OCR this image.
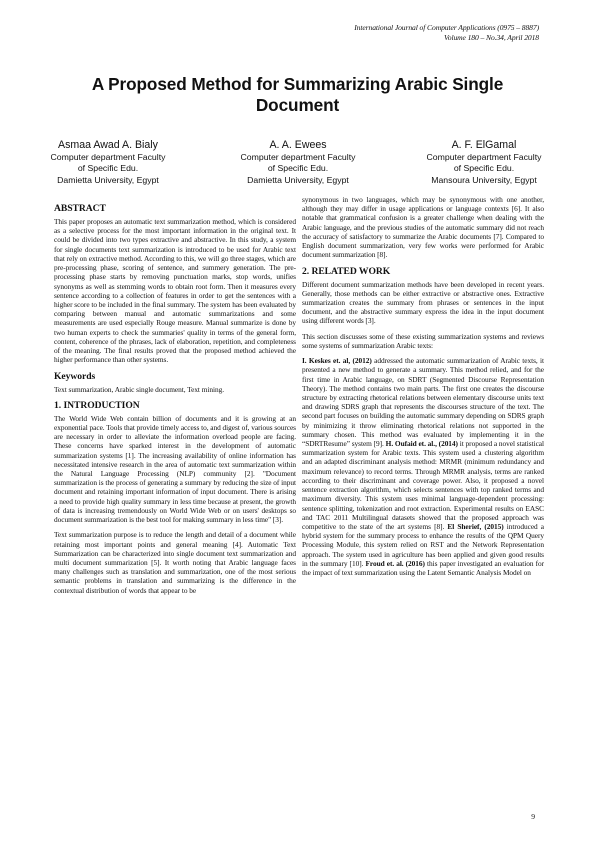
International Journal of Computer Applications (0975 – 8887)
Volume 180 – No.34, April 2018
A Proposed Method for Summarizing Arabic Single
Document
Asmaa Awad A. Bialy
Computer department Faculty
of Specific Edu.
Damietta University, Egypt
A. A. Ewees
Computer department Faculty
of Specific Edu.
Damietta University, Egypt
A. F. ElGamal
Computer department Faculty
of Specific Edu.
Mansoura University, Egypt
ABSTRACT

This paper proposes an automatic text summarization method, which is considered as a selective process for the most important information in the original text. It could be divided into two types extractive and abstractive. In this study, a system for single documents text summarization is introduced to be used for Arabic text that rely on extractive method. According to this, we will go three stages, which are pre-processing phase, scoring of sentence, and summery generation. The pre-processing phase starts by removing punctuation marks, stop words, unifies synonyms as well as stemming words to obtain root form. Then it measures every sentence according to a collection of features in order to get the sentences with a higher score to be included in the final summary. The system has been evaluated by comparing between manual and automatic summarizations and some measurements are used especially Rouge measure. Manual summarize is done by two human experts to check the summaries' quality in terms of the general form, content, coherence of the phrases, lack of elaboration, repetition, and completeness of the meaning. The final results proved that the proposed method achieved the higher performance than other systems.

Keywords

Text summarization, Arabic single document, Text mining.

1. INTRODUCTION

The World Wide Web contain billion of documents and it is growing at an exponential pace. Tools that provide timely access to, and digest of, various sources are necessary in order to alleviate the information overload people are facing. These concerns have sparked interest in the development of automatic summarization systems [1]. The increasing availability of online information has necessitated intensive research in the area of automatic text summarization within the Natural Language Processing (NLP) community [2]. "Document summarization is the process of generating a summary by reducing the size of input document and retaining important information of input document. There is arising a need to provide high quality summary in less time because at present, the growth of data is increasing tremendously on World Wide Web or on users' desktops so document summarization is the best tool for making summary in less time" [3].

Text summarization purpose is to reduce the length and detail of a document while retaining most important points and general meaning [4]. Automatic Text Summarization can be characterized into single document text summarization and multi document summarization [5]. It worth noting that Arabic language faces many challenges such as translation and summarization, one of the most serious semantic problems in translation and summarizing is the difference in the contextual distribution of words that appear to be

synonymous in two languages, which may be synonymous with one another, although they may differ in usage applications or language contexts [6]. It also notable that grammatical confusion is a greater challenge when dealing with the Arabic language, and the previous studies of the automatic summary did not reach the accuracy of satisfactory to summarize the Arabic documents [7]. Compared to English document summarization, very few works were performed for Arabic document summarization [8].

2. RELATED WORK

Different document summarization methods have been developed in recent years. Generally, those methods can be either extractive or abstractive ones. Extractive summarization creates the summary from phrases or sentences in the input document, and the abstractive summary express the idea in the input document using different words [3].

This section discusses some of these existing summarization systems and reviews some systems of summarization Arabic texts:

I. Keskes et. al, (2012) addressed the automatic summarization of Arabic texts, it presented a new method to generate a summary. This method relied, and for the first time in Arabic language, on SDRT (Segmented Discourse Representation Theory). The method contains two main parts. The first one creates the discourse structure by extracting rhetorical relations between elementary discourse units text and drawing SDRS graph that represents the discourses structure of the text. The second part focuses on building the automatic summary depending on SDRS graph by minimizing it throw eliminating rhetorical relations not supported in the summary chosen. This method was evaluated by implementing it in the “SDRTResume” system [9]. H. Oufaid et. al., (2014) it proposed a novel statistical summarization system for Arabic texts. This system used a clustering algorithm and an adapted discriminant analysis method: MRMR (minimum redundancy and maximum relevance) to record terms. Through MRMR analysis, terms are ranked according to their discriminant and coverage power. Also, it proposed a novel sentence extraction algorithm, which selects sentences with top ranked terms and maximum diversity. This system uses minimal language-dependent processing: sentence splitting, tokenization and root extraction. Experimental results on EASC and TAC 2011 Multilingual datasets showed that the proposed approach was competitive to the state of the art systems [8]. El Sherief, (2015) introduced a hybrid system for the summary process to enhance the results of the QPM Query Processing Module, this system relied on RST and the Network Representation approach. The system used in agriculture has been applied and given good results in the summary [10]. Froud et. al. (2016) this paper investigated an evaluation for the impact of text summarization using the Latent Semantic Analysis Model on

9
